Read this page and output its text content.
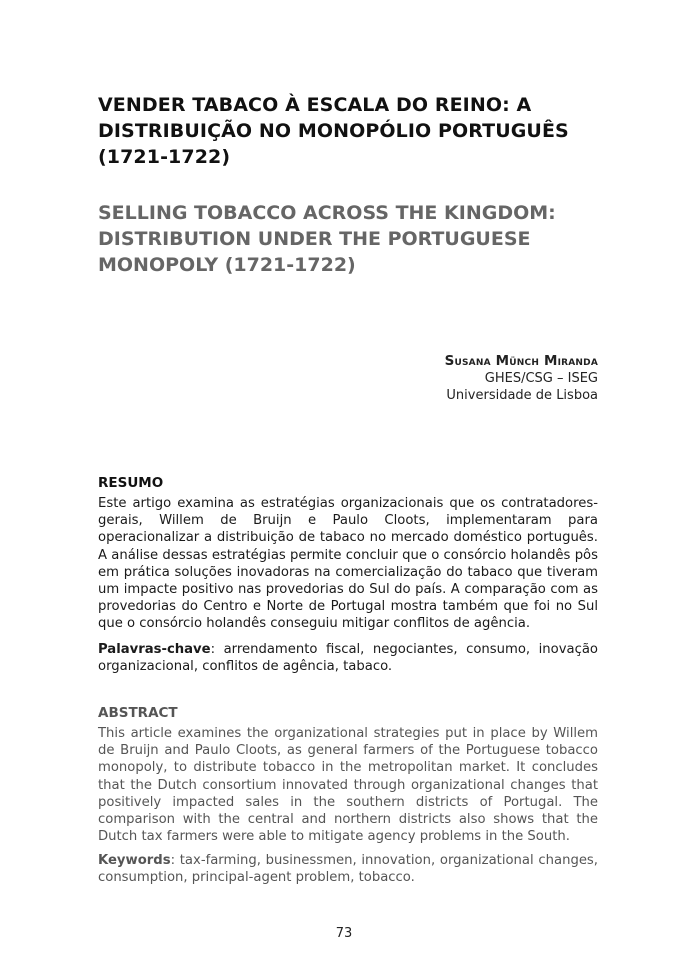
VENDER TABACO À ESCALA DO REINO: A DISTRIBUIÇÃO NO MONOPÓLIO PORTUGUÊS (1721-1722)
SELLING TOBACCO ACROSS THE KINGDOM: DISTRIBUTION UNDER THE PORTUGUESE MONOPOLY (1721-1722)
Susana Münch Miranda
GHES/CSG – ISEG
Universidade de Lisboa
RESUMO
Este artigo examina as estratégias organizacionais que os contratadores-gerais, Willem de Bruijn e Paulo Cloots, implementaram para operacionalizar a distribuição de tabaco no mercado doméstico português. A análise dessas estratégias permite concluir que o consórcio holandês pôs em prática soluções inovadoras na comercialização do tabaco que tiveram um impacte positivo nas provedorias do Sul do país. A comparação com as provedorias do Centro e Norte de Portugal mostra também que foi no Sul que o consórcio holandês conseguiu mitigar conflitos de agência.
Palavras-chave: arrendamento fiscal, negociantes, consumo, inovação organizacional, conflitos de agência, tabaco.
ABSTRACT
This article examines the organizational strategies put in place by Willem de Bruijn and Paulo Cloots, as general farmers of the Portuguese tobacco monopoly, to distribute tobacco in the metropolitan market. It concludes that the Dutch consortium innovated through organizational changes that positively impacted sales in the southern districts of Portugal. The comparison with the central and northern districts also shows that the Dutch tax farmers were able to mitigate agency problems in the South.
Keywords: tax-farming, businessmen, innovation, organizational changes, consumption, principal-agent problem, tobacco.
73
